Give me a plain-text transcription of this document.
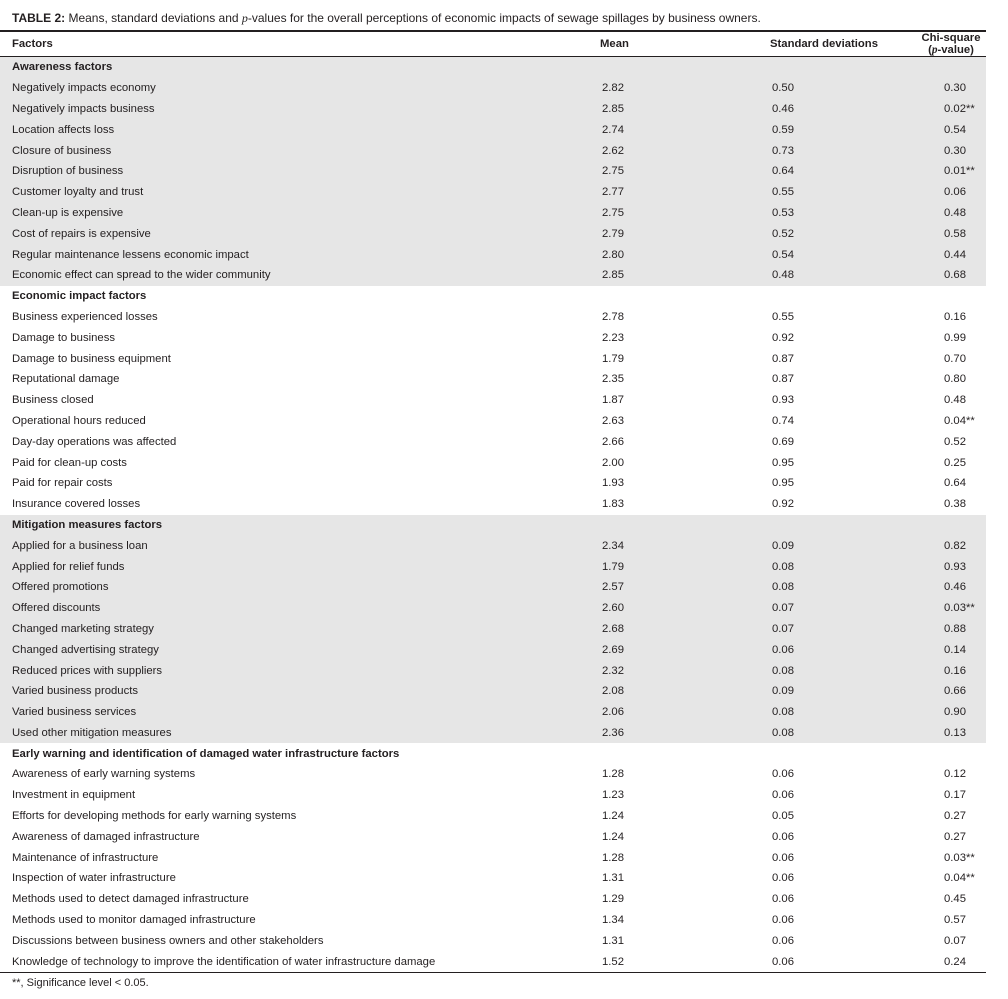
TABLE 2: Means, standard deviations and p-values for the overall perceptions of economic impacts of sewage spillages by business owners.
Factors	Mean	Standard deviations	Chi-square (p-value)
Awareness factors			
Negatively impacts economy	2.82	0.50	0.30
Negatively impacts business	2.85	0.46	0.02**
Location affects loss	2.74	0.59	0.54
Closure of business	2.62	0.73	0.30
Disruption of business	2.75	0.64	0.01**
Customer loyalty and trust	2.77	0.55	0.06
Clean-up is expensive	2.75	0.53	0.48
Cost of repairs is expensive	2.79	0.52	0.58
Regular maintenance lessens economic impact	2.80	0.54	0.44
Economic effect can spread to the wider community	2.85	0.48	0.68
Economic impact factors			
Business experienced losses	2.78	0.55	0.16
Damage to business	2.23	0.92	0.99
Damage to business equipment	1.79	0.87	0.70
Reputational damage	2.35	0.87	0.80
Business closed	1.87	0.93	0.48
Operational hours reduced	2.63	0.74	0.04**
Day-day operations was affected	2.66	0.69	0.52
Paid for clean-up costs	2.00	0.95	0.25
Paid for repair costs	1.93	0.95	0.64
Insurance covered losses	1.83	0.92	0.38
Mitigation measures factors			
Applied for a business loan	2.34	0.09	0.82
Applied for relief funds	1.79	0.08	0.93
Offered promotions	2.57	0.08	0.46
Offered discounts	2.60	0.07	0.03**
Changed marketing strategy	2.68	0.07	0.88
Changed advertising strategy	2.69	0.06	0.14
Reduced prices with suppliers	2.32	0.08	0.16
Varied business products	2.08	0.09	0.66
Varied business services	2.06	0.08	0.90
Used other mitigation measures	2.36	0.08	0.13
Early warning and identification of damaged water infrastructure factors			
Awareness of early warning systems	1.28	0.06	0.12
Investment in equipment	1.23	0.06	0.17
Efforts for developing methods for early warning systems	1.24	0.05	0.27
Awareness of damaged infrastructure	1.24	0.06	0.27
Maintenance of infrastructure	1.28	0.06	0.03**
Inspection of water infrastructure	1.31	0.06	0.04**
Methods used to detect damaged infrastructure	1.29	0.06	0.45
Methods used to monitor damaged infrastructure	1.34	0.06	0.57
Discussions between business owners and other stakeholders	1.31	0.06	0.07
Knowledge of technology to improve the identification of water infrastructure damage	1.52	0.06	0.24
**, Significance level < 0.05.
